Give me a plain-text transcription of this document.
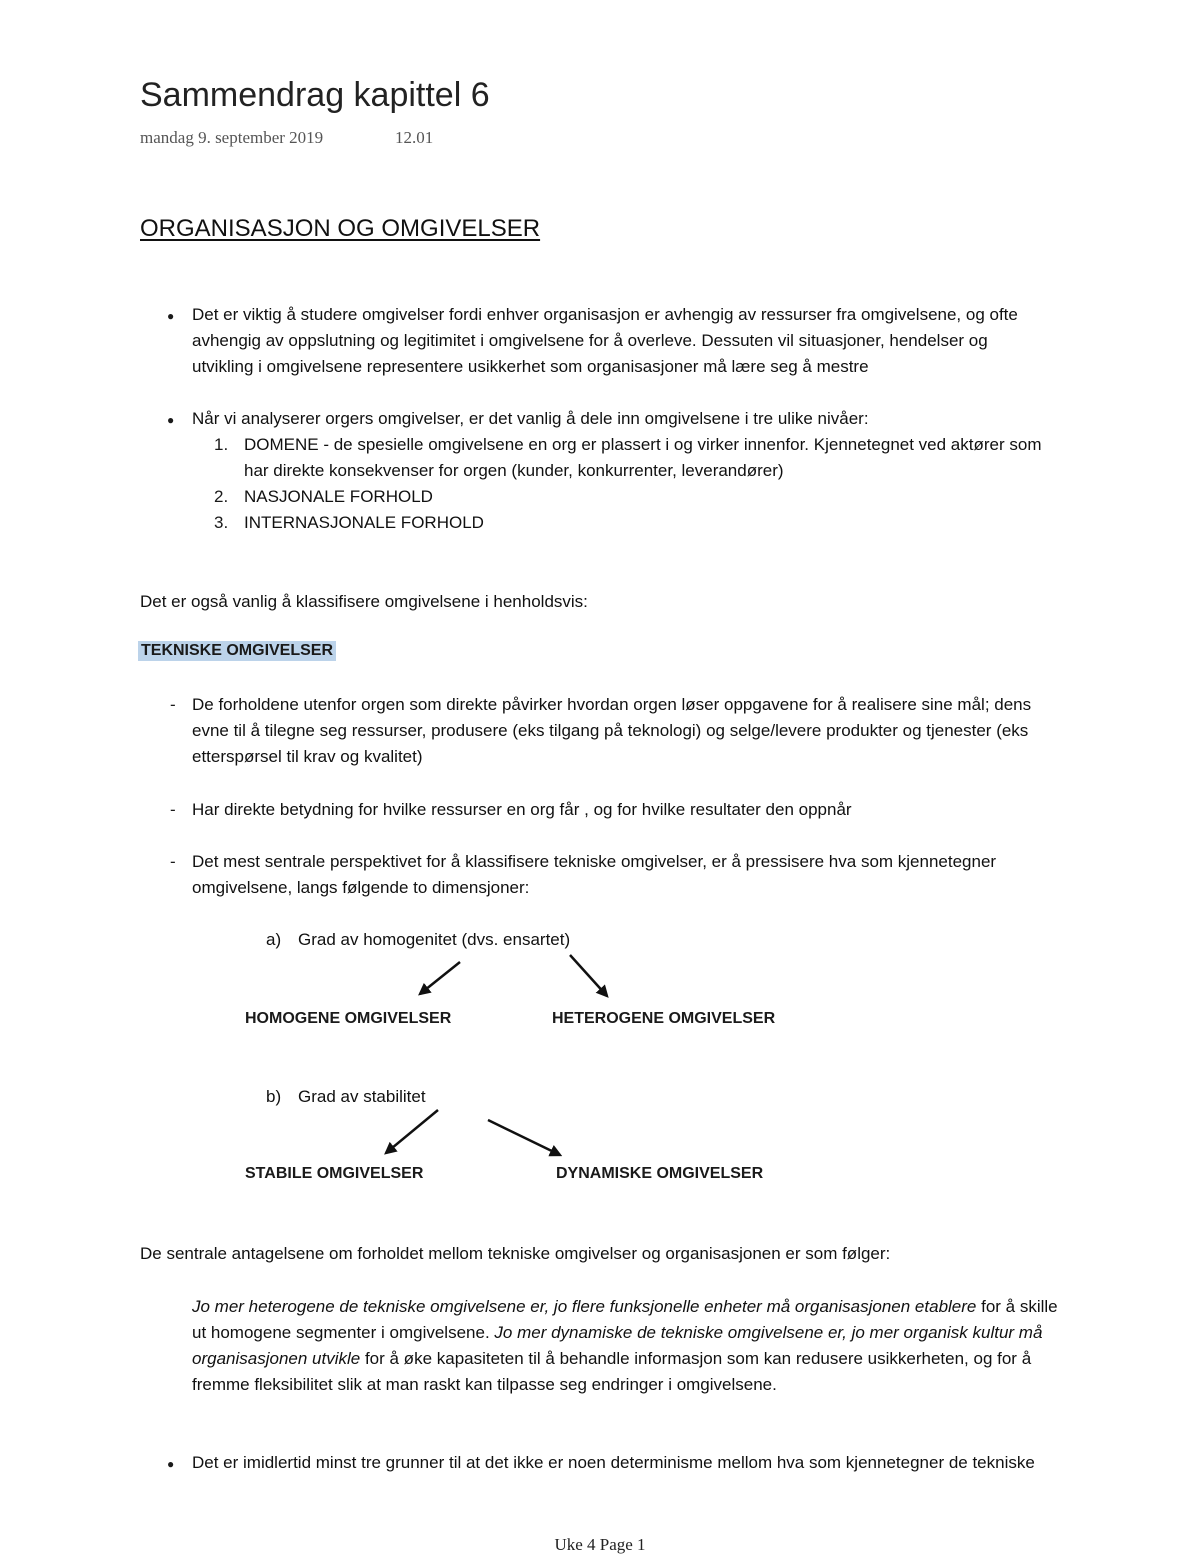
Sammendrag kapittel 6
mandag 9. september 2019	12.01
ORGANISASJON OG OMGIVELSER
● Det er viktig å studere omgivelser fordi enhver organisasjon er avhengig av ressurser fra omgivelsene, og ofte
avhengig av oppslutning og legitimitet i omgivelsene for å overleve. Dessuten vil situasjoner, hendelser og
utvikling i omgivelsene representere usikkerhet som organisasjoner må lære seg å mestre
● Når vi analyserer orgers omgivelser, er det vanlig å dele inn omgivelsene i tre ulike nivåer:
1. DOMENE - de spesielle omgivelsene en org er plassert i og virker innenfor. Kjennetegnet ved aktører som
har direkte konsekvenser for orgen (kunder, konkurrenter, leverandører)
2. NASJONALE FORHOLD
3. INTERNASJONALE FORHOLD
Det er også vanlig å klassifisere omgivelsene i henholdsvis:
TEKNISKE OMGIVELSER
- De forholdene utenfor orgen som direkte påvirker hvordan orgen løser oppgavene for å realisere sine mål; dens
evne til å tilegne seg ressurser, produsere (eks tilgang på teknologi) og selge/levere produkter og tjenester (eks
etterspørsel til krav og kvalitet)
- Har direkte betydning for hvilke ressurser en org får , og for hvilke resultater den oppnår
- Det mest sentrale perspektivet for å klassifisere tekniske omgivelser, er å pressisere hva som kjennetegner
omgivelsene, langs følgende to dimensjoner:
a) Grad av homogenitet (dvs. ensartet)
HOMOGENE OMGIVELSER	HETEROGENE OMGIVELSER
b) Grad av stabilitet
STABILE OMGIVELSER	DYNAMISKE OMGIVELSER
De sentrale antagelsene om forholdet mellom tekniske omgivelser og organisasjonen er som følger:
Jo mer heterogene de tekniske omgivelsene er, jo flere funksjonelle enheter må organisasjonen etablere for å skille
ut homogene segmenter i omgivelsene. Jo mer dynamiske de tekniske omgivelsene er, jo mer organisk kultur må
organisasjonen utvikle for å øke kapasiteten til å behandle informasjon som kan redusere usikkerheten, og for å
fremme fleksibilitet slik at man raskt kan tilpasse seg endringer i omgivelsene.
● Det er imidlertid minst tre grunner til at det ikke er noen determinisme mellom hva som kjennetegner de tekniske
Uke 4 Page 1
